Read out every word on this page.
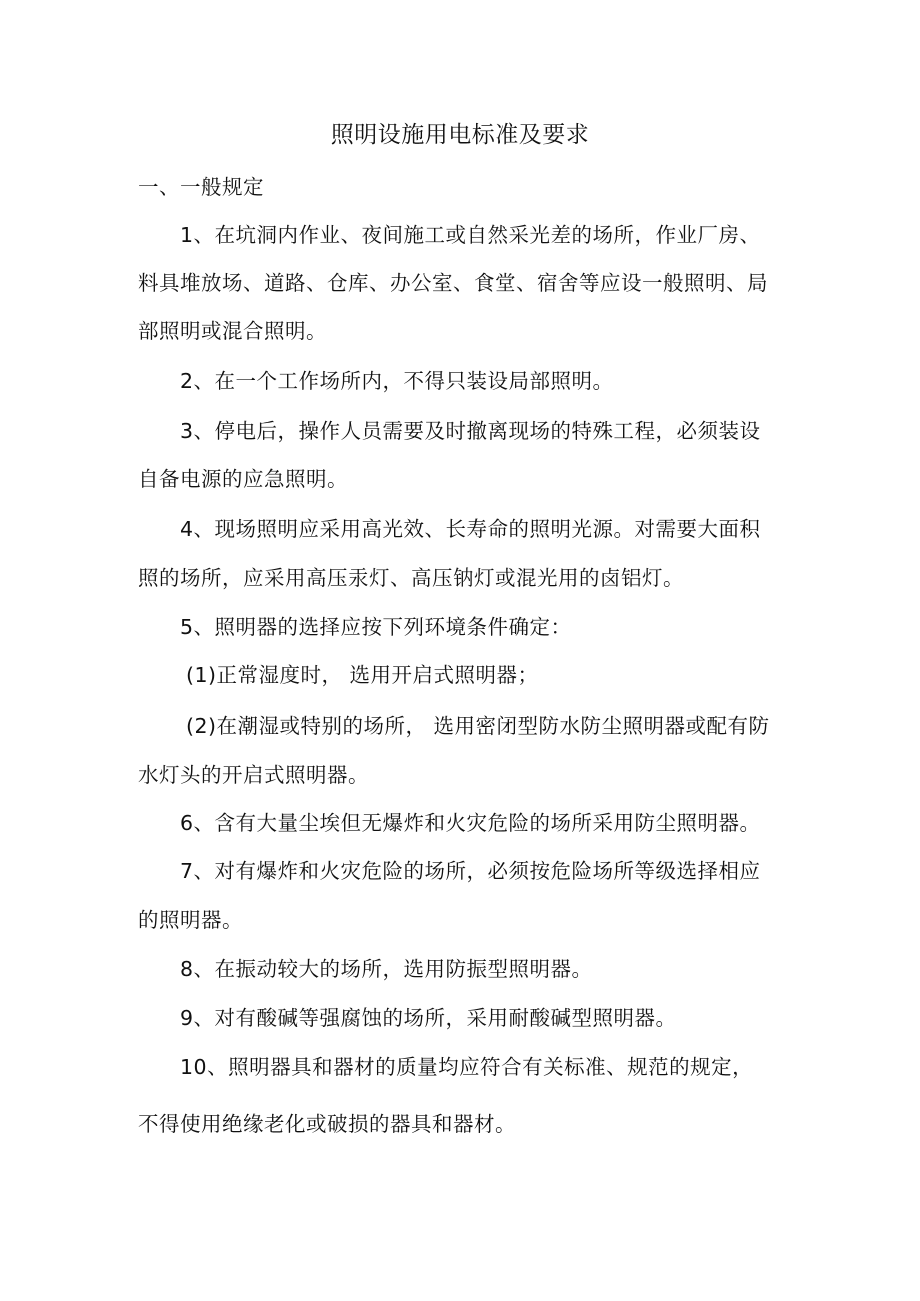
照明设施用电标准及要求
一、一般规定
1、在坑洞内作业、夜间施工或自然采光差的场所，作业厂房、
料具堆放场、道路、仓库、办公室、食堂、宿舍等应设一般照明、局
部照明或混合照明。
2、在一个工作场所内，不得只装设局部照明。
3、停电后，操作人员需要及时撤离现场的特殊工程，必须装设
自备电源的应急照明。
4、现场照明应采用高光效、长寿命的照明光源。对需要大面积
照的场所，应采用高压汞灯、高压钠灯或混光用的卤铝灯。
5、照明器的选择应按下列环境条件确定：
(1)正常湿度时， 选用开启式照明器；
(2)在潮湿或特别的场所， 选用密闭型防水防尘照明器或配有防
水灯头的开启式照明器。
6、含有大量尘埃但无爆炸和火灾危险的场所采用防尘照明器。
7、对有爆炸和火灾危险的场所，必须按危险场所等级选择相应
的照明器。
8、在振动较大的场所，选用防振型照明器。
9、对有酸碱等强腐蚀的场所，采用耐酸碱型照明器。
10、照明器具和器材的质量均应符合有关标准、规范的规定，
不得使用绝缘老化或破损的器具和器材。
